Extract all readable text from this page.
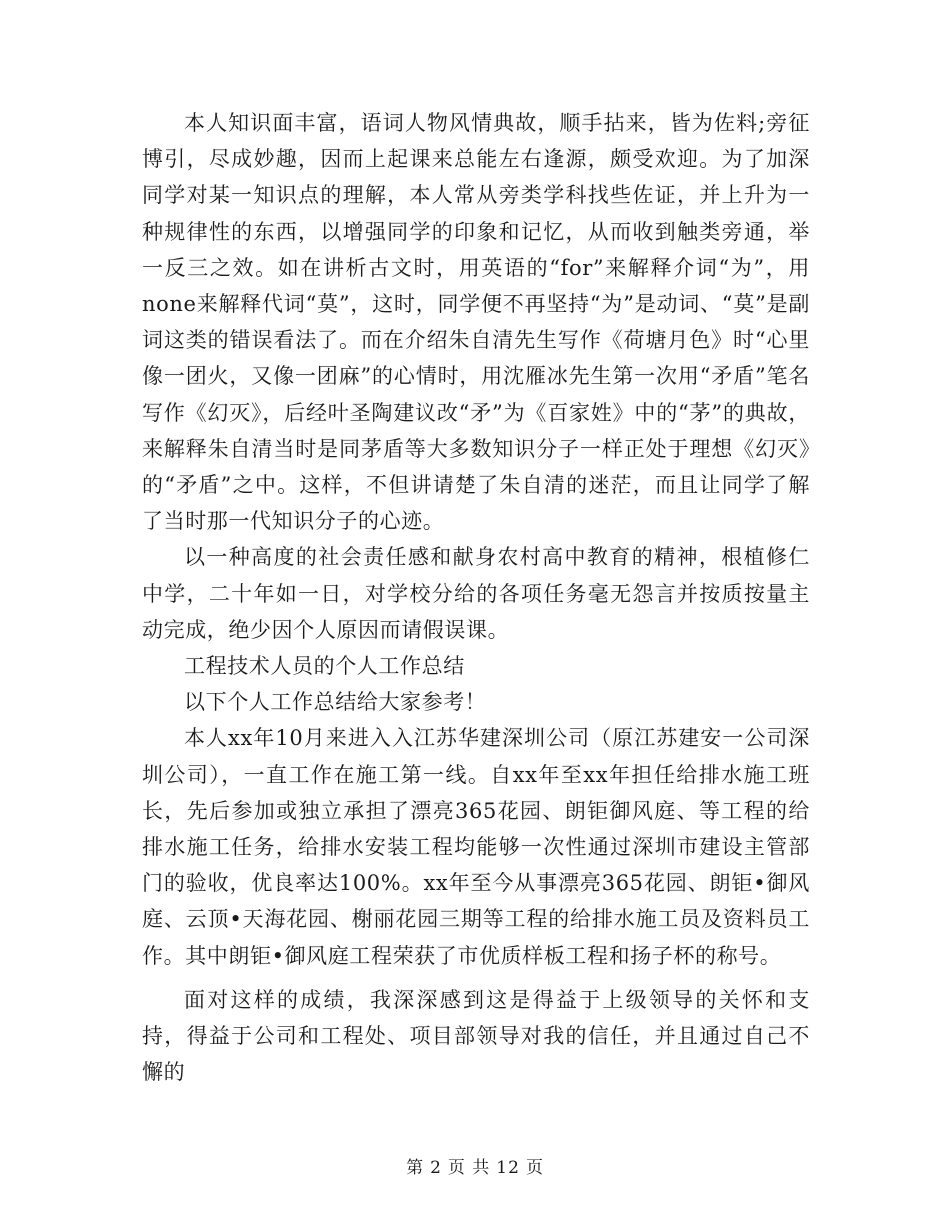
本人知识面丰富，语词人物风情典故，顺手拈来，皆为佐料;旁征博引，尽成妙趣，因而上起课来总能左右逢源，颇受欢迎。为了加深同学对某一知识点的理解，本人常从旁类学科找些佐证，并上升为一种规律性的东西，以增强同学的印象和记忆，从而收到触类旁通，举一反三之效。如在讲析古文时，用英语的“for”来解释介词“为”，用none来解释代词“莫”，这时，同学便不再坚持“为”是动词、“莫”是副词这类的错误看法了。而在介绍朱自清先生写作《荷塘月色》时“心里像一团火，又像一团麻”的心情时，用沈雁冰先生第一次用“矛盾”笔名写作《幻灭》，后经叶圣陶建议改“矛”为《百家姓》中的“茅”的典故，来解释朱自清当时是同茅盾等大多数知识分子一样正处于理想《幻灭》的“矛盾”之中。这样，不但讲请楚了朱自清的迷茫，而且让同学了解了当时那一代知识分子的心迹。

以一种高度的社会责任感和献身农村高中教育的精神，根植修仁中学，二十年如一日，对学校分给的各项任务毫无怨言并按质按量主动完成，绝少因个人原因而请假误课。

工程技术人员的个人工作总结

以下个人工作总结给大家参考！

本人xx年10月来进入入江苏华建深圳公司（原江苏建安一公司深圳公司），一直工作在施工第一线。自xx年至xx年担任给排水施工班长，先后参加或独立承担了漂亮365花园、朗钜御风庭、等工程的给排水施工任务，给排水安装工程均能够一次性通过深圳市建设主管部门的验收，优良率达100%。xx年至今从事漂亮365花园、朗钜•御风庭、云顶•天海花园、榭丽花园三期等工程的给排水施工员及资料员工作。其中朗钜•御风庭工程荣获了市优质样板工程和扬子杯的称号。

面对这样的成绩，我深深感到这是得益于上级领导的关怀和支持，得益于公司和工程处、项目部领导对我的信任，并且通过自己不懈的

第 2 页 共 12 页
